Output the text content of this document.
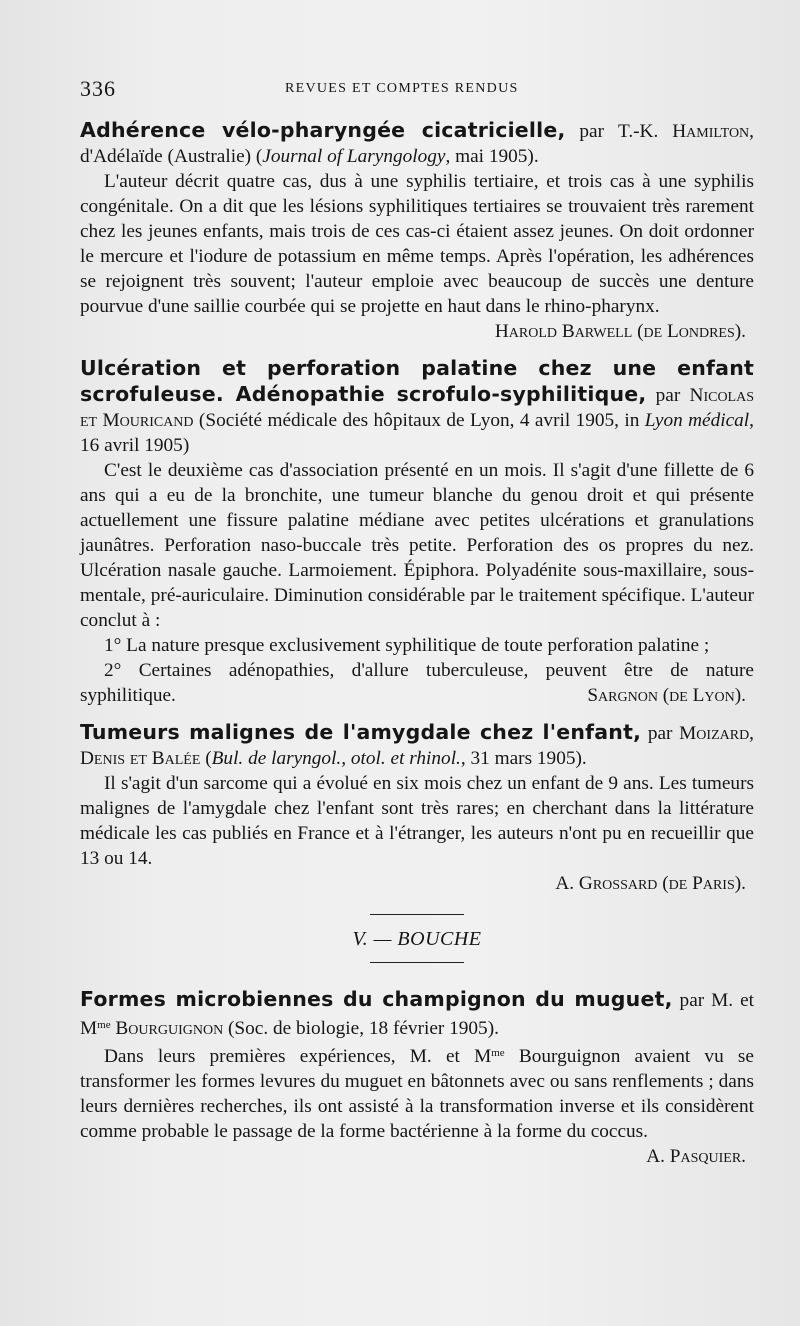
336	REVUES ET COMPTES RENDUS

Adhérence vélo-pharyngée cicatricielle, par T.-K. Hamilton, d'Adélaïde (Australie) (Journal of Laryngology, mai 1905).

L'auteur décrit quatre cas, dus à une syphilis tertiaire, et trois cas à une syphilis congénitale. On a dit que les lésions syphilitiques tertiaires se trouvaient très rarement chez les jeunes enfants, mais trois de ces cas-ci étaient assez jeunes. On doit ordonner le mercure et l'iodure de potassium en même temps. Après l'opération, les adhérences se rejoignent très souvent; l'auteur emploie avec beaucoup de succès une denture pourvue d'une saillie courbée qui se projette en haut dans le rhino-pharynx.
Harold Barwell (de Londres).

Ulcération et perforation palatine chez une enfant scrofuleuse. Adénopathie scrofulo-syphilitique, par Nicolas et Mouricand (Société médicale des hôpitaux de Lyon, 4 avril 1905, in Lyon médical, 16 avril 1905)

C'est le deuxième cas d'association présenté en un mois. Il s'agit d'une fillette de 6 ans qui a eu de la bronchite, une tumeur blanche du genou droit et qui présente actuellement une fissure palatine médiane avec petites ulcérations et granulations jaunâtres. Perforation naso-buccale très petite. Perforation des os propres du nez. Ulcération nasale gauche. Larmoiement. Épiphora. Polyadénite sous-maxillaire, sous-mentale, pré-auriculaire. Diminution considérable par le traitement spécifique. L'auteur conclut à :

1° La nature presque exclusivement syphilitique de toute perforation palatine ;

2° Certaines adénopathies, d'allure tuberculeuse, peuvent être de nature syphilitique.	Sargnon (de Lyon).

Tumeurs malignes de l'amygdale chez l'enfant, par Moizard, Denis et Balée (Bul. de laryngol., otol. et rhinol., 31 mars 1905).

Il s'agit d'un sarcome qui a évolué en six mois chez un enfant de 9 ans. Les tumeurs malignes de l'amygdale chez l'enfant sont très rares; en cherchant dans la littérature médicale les cas publiés en France et à l'étranger, les auteurs n'ont pu en recueillir que 13 ou 14.

A. Grossard (de Paris).

V. — BOUCHE

Formes microbiennes du champignon du muguet, par M. et $M^{me}$ Bourguignon (Soc. de biologie, 18 février 1905).

Dans leurs premières expériences, M. et $M^{me}$ Bourguignon avaient vu se transformer les formes levures du muguet en bâtonnets avec ou sans renflements ; dans leurs dernières recherches, ils ont assisté à la transformation inverse et ils considèrent comme probable le passage de la forme bactérienne à la forme du coccus.

A. Pasquier.
